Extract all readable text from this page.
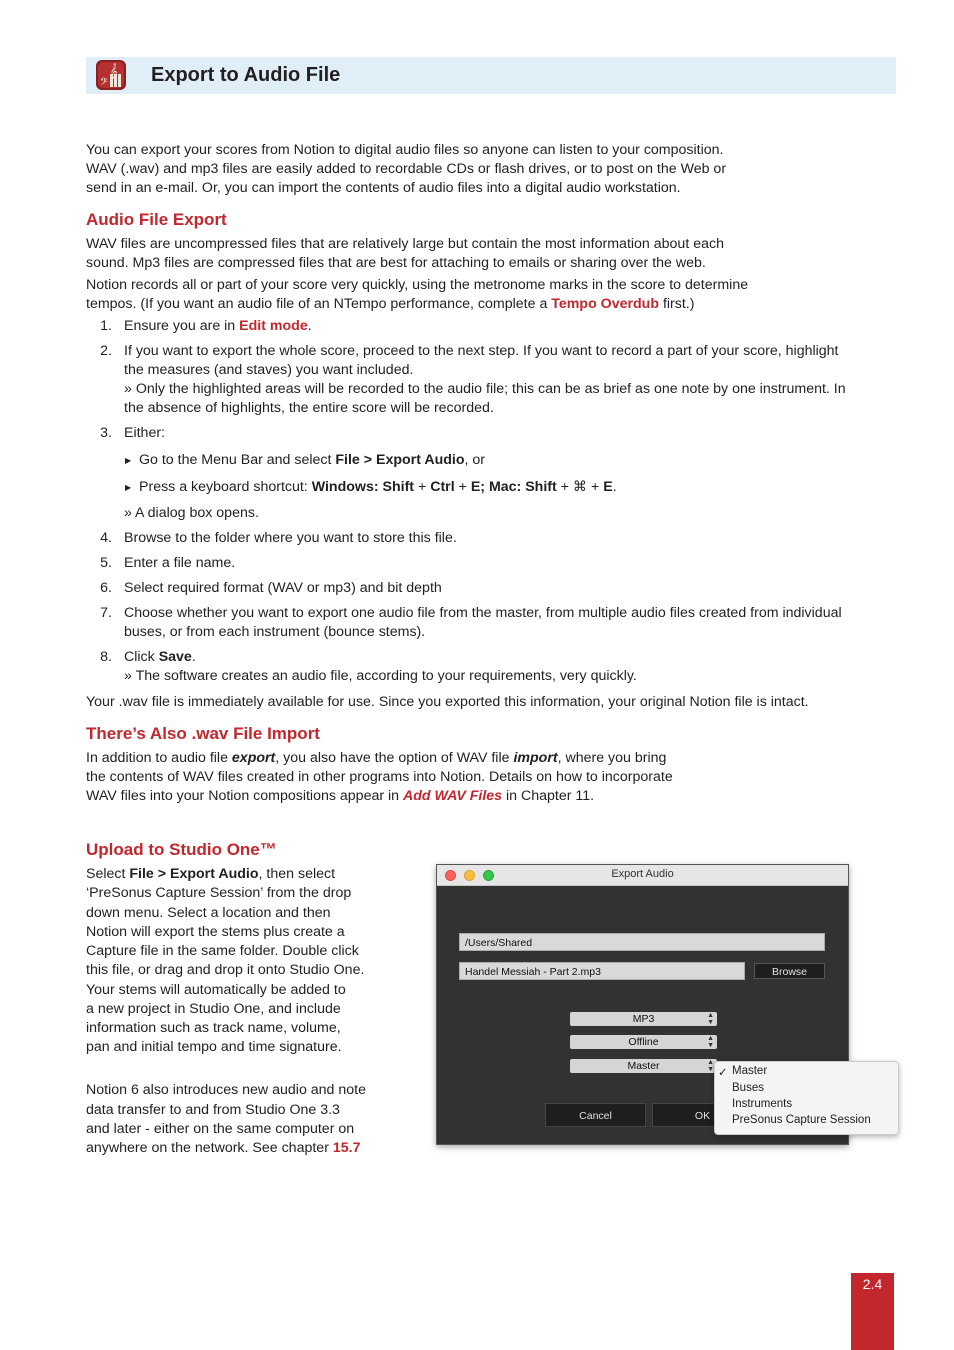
𝄢
𝄞 Export to Audio File
You can export your scores from Notion to digital audio files so anyone can listen to your composition.
WAV (.wav) and mp3 files are easily added to recordable CDs or flash drives, or to post on the Web or
send in an e-mail. Or, you can import the contents of audio files into a digital audio workstation.
Audio File Export
WAV files are uncompressed files that are relatively large but contain the most information about each
sound. Mp3 files are compressed files that are best for attaching to emails or sharing over the web.
Notion records all or part of your score very quickly, using the metronome marks in the score to determine
tempos. (If you want an audio file of an NTempo performance, complete a Tempo Overdub first.)
1. Ensure you are in Edit mode.
2. If you want to export the whole score, proceed to the next step. If you want to record a part of your score, highlight
the measures (and staves) you want included.
» Only the highlighted areas will be recorded to the audio file; this can be as brief as one note by one instrument. In
the absence of highlights, the entire score will be recorded.
3. Either:
▶ Go to the Menu Bar and select File > Export Audio, or
▶ Press a keyboard shortcut: Windows: Shift + Ctrl + E; Mac: Shift + ⌘ + E.
» A dialog box opens.
4. Browse to the folder where you want to store this file.
5. Enter a file name.
6. Select required format (WAV or mp3) and bit depth
7. Choose whether you want to export one audio file from the master, from multiple audio files created from individual
buses, or from each instrument (bounce stems).
8. Click Save.
» The software creates an audio file, according to your requirements, very quickly.
Your .wav file is immediately available for use. Since you exported this information, your original Notion file is intact.
There’s Also .wav File Import
In addition to audio file export, you also have the option of WAV file import, where you bring
the contents of WAV files created in other programs into Notion. Details on how to incorporate
WAV files into your Notion compositions appear in Add WAV Files in Chapter 11.
Upload to Studio One™
Select File > Export Audio, then select
‘PreSonus Capture Session’ from the drop
down menu. Select a location and then
Notion will export the stems plus create a
Capture file in the same folder. Double click
this file, or drag and drop it onto Studio One.
Your stems will automatically be added to
a new project in Studio One, and include
information such as track name, volume,
pan and initial tempo and time signature.
Notion 6 also introduces new audio and note
data transfer to and from Studio One 3.3
and later - either on the same computer on
anywhere on the network. See chapter 15.7
Export Audio
/Users/Shared
Handel Messiah - Part 2.mp3	Browse
MP3	▲
▼
Offline	▲
▼
Master	▲
▼
Cancel	OK
✓ Master
Buses
Instruments
PreSonus Capture Session
2.4
